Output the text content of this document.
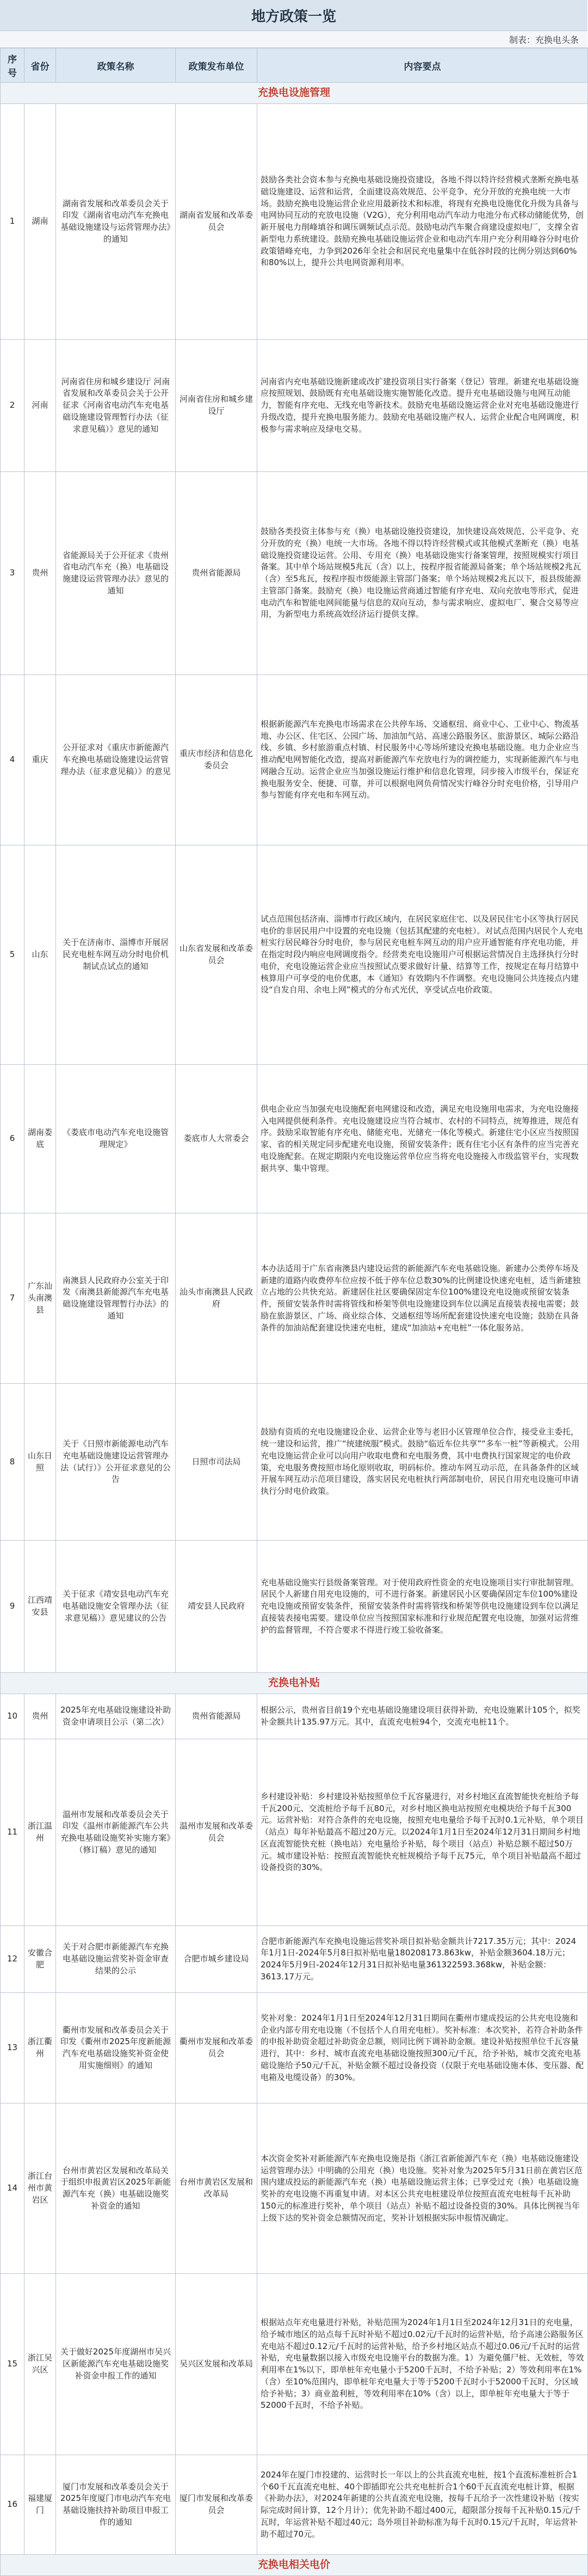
地方政策一览
制表：充换电头条
序号	省份	政策名称	政策发布单位	内容要点
充换电设施管理				
1	湖南	湖南省发展和改革委员会关于印发《湖南省电动汽车充换电基础设施建设与运营管理办法》的通知	湖南省发展和改革委员会	鼓励各类社会资本参与充换电基础设施投资建设，各地不得以特许经营模式垄断充换电基础设施建设、运营和运营，全面建设高效规范、公平竞争、充分开放的充换电统一大市场。鼓励充换电设施运营企业应用最新技术和标准，将现有充换电设施优化升级为具备与电网协同互动的充放电设施（V2G），充分利用电动汽车动力电池分布式移动储能优势，创新开展电力削峰填谷和调压调频试点示范。鼓励电动汽车聚合商建设虚拟电厂，支撑全省新型电力系统建设。鼓励充换电基础设施运营企业和电动汽车用户充分利用峰谷分时电价政策错峰充电，力争到2026年全社会和居民充电量集中在低谷时段的比例分别达到60%和80%以上，提升公共电网资源利用率。
2	河南	河南省住房和城乡建设厅 河南省发展和改革委员会关于公开征求《河南省电动汽车充电基础设施建设管理暂行办法（征求意见稿）》意见的通知	河南省住房和城乡建设厅	河南省内充电基础设施新建或改扩建投资项目实行备案（登记）管理。新建充电基础设施应按照规划、鼓励既有充电基础设施实施智能化改造。提升充电基础设施与电网互动能力，智能有序充电、无线充电等新技术。鼓励充电基础设施运营企业对充电基础设施进行升级改造，提升充换电服务能力。鼓励充电基础设施产权人、运营企业配合电网调度，积极参与需求响应及绿电交易。
3	贵州	省能源局关于公开征求《贵州省电动汽车充（换）电基础设施建设运营管理办法》意见的通知	贵州省能源局	鼓励各类投资主体参与充（换）电基础设施投资建设，加快建设高效规范、公平竞争、充分开放的充（换）电统一大市场。各地不得以特许经营模式或其他模式垄断充（换）电基础设施投资建设运营。公用、专用充（换）电基础设施实行备案管理，按照规模实行项目备案。其中单个场站规模5兆瓦（含）以上，按程序报省能源局备案；单个场站规模2兆瓦（含）至5兆瓦，按程序报市级能源主管部门备案；单个场站规模2兆瓦以下，报县级能源主管部门备案。鼓励充（换）电设施运营商通过智能有序充电、双向充放电等形式，促进电动汽车和智能电网间能量与信息的双向互动，参与需求响应、虚拟电厂、聚合交易等应用，为新型电力系统高效经济运行提供支撑。
4	重庆	公开征求对《重庆市新能源汽车充换电基础设施建设运营管理办法（征求意见稿）》的意见	重庆市经济和信息化委员会	根据新能源汽车充换电市场需求在公共停车场、交通枢纽、商业中心、工业中心、物流基地、办公区、住宅区、公园广场、加油加气站、高速公路服务区、旅游景区、城际公路沿线、乡镇、乡村旅游重点村镇、村民服务中心等场所建设充换电基础设施。电力企业应当推动配电网智能化改造，提高对新能源汽车充放电行为的调控能力，实现新能源汽车与电网融合互动。运营企业应当加强设施运行维护和信息化管理，同步接入市级平台，保证充换电服务安全、便捷、可靠，并可以根据电网负荷情况实行峰谷分时充电价格，引导用户参与智能有序充电和车网互动。
5	山东	关于在济南市、淄博市开展居民充电桩车网互动分时电价机制试点试点的通知	山东省发展和改革委员会	试点范围包括济南、淄博市行政区域内，在居民家庭住宅、以及居民住宅小区等执行居民电价的非居民用户中设置的充电设施（包括其配建的充电桩）。对试点范围内居民个人充电桩实行居民峰谷分时电价，参与居民充电桩车网互动的用户应开通智能有序充电功能，并在指定时段内响应电网调度指令。经营类充电设施用户可根据运营情况自主选择执行分时电价，充电设施运营企业应当按照试点要求做好计量、结算等工作，按规定在每月结算中核算用户可享受的电价优惠，本《通知》有效期内不作调整。充电设施同公共连接点内建设“自发自用、余电上网”模式的分布式光伏，享受试点电价政策。
6	湖南娄底	《娄底市电动汽车充电设施管理规定》	娄底市人大常委会	供电企业应当加强充电设施配套电网建设和改造，满足充电设施用电需求，为充电设施接入电网提供便利条件。充电设施建设应当符合城市、农村的不同特点，统筹推进，规范有序。鼓励采取智能有序充电、储能充电、光储充一体化等模式。新建住宅小区应当按照国家、省的相关规定同步配建充电设施，预留安装条件；既有住宅小区有条件的应当完善充电设施配套。在规定期限内充电设施运营单位应当将充电设施接入市级监管平台，实现数据共享、集中管理。
7	广东汕头南澳县	南澳县人民政府办公室关于印发《南澳县新能源汽车充电基础设施建设管理暂行办法》的通知	汕头市南澳县人民政府	本办法适用于广东省南澳县内建设运营的新能源汽车充电基础设施。新建办公类停车场及新建的道路内收费停车位应按不低于停车位总数30%的比例建设快速充电桩，适当新建独立占地的公共快充站。新建居住社区要确保固定车位100%建设充电设施或预留安装条件，预留安装条件时需将管线和桥架等供电设施建设到车位以满足直接装表接电需要；鼓励在旅游景区、广场、商业综合体、交通枢纽等场所配套建设快速充电设施；鼓励在具备条件的加油站配套建设快速充电桩，建成“加油站+充电桩”一体化服务站。
8	山东日照	关于《日照市新能源电动汽车充电基础设施建设运营管理办法（试行）》公开征求意见的公告	日照市司法局	鼓励有资质的充电设施建设企业、运营企业等与老旧小区管理单位合作，接受业主委托，统一建设和运营，推广“统建统服”模式。鼓励“临近车位共享”“多车一桩”等新模式。公用充电设施运营企业可以向用户收取电费和充电服务费，其中电费执行国家规定的电价政策，充电服务费按照市场化原则收取，明码标价。推动车网互动示范，在具备条件的区域开展车网互动示范项目建设，落实居民充电桩执行两部制电价，居民自用充电设施可申请执行分时电价政策。
9	江西靖安县	关于征求《靖安县电动汽车充电基础设施安全管理办法（征求意见稿）》意见建议的公告	靖安县人民政府	充电基础设施实行县级备案管理。对于使用政府性资金的充电设施项目实行审批制管理。居民个人新建自用充电设施的，可不进行备案。新建居民小区要确保固定车位100%建设充电设施或预留安装条件，预留安装条件时需将管线和桥架等供电设施建设到车位以满足直接装表接电需要。建设单位应当按照国家标准和行业规范配置充电设施，加强对运营维护的监督管理，不符合要求不得进行竣工验收备案。
充换电补贴				
10	贵州	2025年充电基础设施建设补助资金申请项目公示（第二次）	贵州省能源局	根据公示，贵州省目前19个充电基础设施建设项目获得补助，充电设施累计105个，拟奖补金额共计135.97万元。其中，直流充电桩94个，交流充电桩11个。
11	浙江温州	温州市发展和改革委员会关于印发《温州市新能源汽车公共充换电基础设施奖补实施方案》（修订稿）意见的通知	温州市发展和改革委员会	乡村建设补贴：乡村建设补贴按照单位千瓦容量进行，对乡村地区直流智能快充桩给予每千瓦200元、交流桩给予每千瓦80元，对乡村地区换电站按照充电模块给予每千瓦300元。运营补贴：对符合条件的充电设施，按照充电电量给予每千瓦时0.1元补贴，单个项目（站点）每年补贴最高不超过20万元。以2024年1月1日至2024年12月31日期间乡村地区直流智能快充桩（换电站）充电量给予补贴，每个项目（站点）补贴总额不超过50万元。城市建设补贴：按照直流智能快充桩规模给予每千瓦75元，单个项目补贴最高不超过设备投资的30%。
12	安徽合肥	关于对合肥市新能源汽车充换电基础设施运营奖补资金审查结果的公示	合肥市城乡建设局	合肥市新能源汽车充换电设施运营奖补项目拟补贴金额共计7217.35万元；其中：2024年1月1日-2024年5月8日拟补贴电量180208173.863kw，补贴金额3604.18万元；2024年5月9日-2024年12月31日拟补贴电量361322593.368kw，补贴金额：3613.17万元。
13	浙江衢州	衢州市发展和改革委员会关于印发《衢州市2025年度新能源汽车充电基础设施奖补资金使用实施细则》的通知	衢州市发展和改革委员会	奖补对象：2024年1月1日至2024年12月31日期间在衢州市建成投运的公共充电设施和企业内部专用充电设施（不包括个人自用充电桩）。奖补标准：本次奖补，若符合补助条件的申报补助资金超过补助资金总额，则同比例下调补助金额。建设补贴按照单位千瓦容量进行，其中：乡村、城市直流充电基础设施按照300元/千瓦，给予补贴，城市交流充电基础设施给予50元/千瓦，补贴金额不超过设备投资（仅限于充电基础设施本体、变压器、配电箱及电缆设备）的30%。
14	浙江台州市黄岩区	台州市黄岩区发展和改革局关于组织申报黄岩区2025年新能源汽车充（换）电基础设施奖补资金的通知	台州市黄岩区发展和改革局	本次资金奖补对新能源汽车充换电设施是指《浙江省新能源汽车充（换）电基础设施建设运营管理办法》中明确的公用充（换）电设施。奖补对象为2025年5月31日前在黄岩区范围内建成投运的新能源汽车充（换）电基础设施运营主体；已享受过充（换）电基础设施奖补的充电设施不再重复申请。对本区公共充电桩建设单位按照直流充电桩每千瓦补助150元的标准进行奖补，单个项目（站点）补贴不超过设备投资的30%。具体比例视当年上级下达的奖补资金总额情况而定，奖补计划根据实际申报情况确定。
15	浙江吴兴区	关于做好2025年度湖州市吴兴区新能源汽车充电基础设施奖补资金申报工作的通知	吴兴区发展和改革局	根据站点年充电量进行补贴，补贴范围为2024年1月1日至2024年12月31日的充电量，给予城市地区的站点每千瓦时补贴不超过0.02元/千瓦时的运营补贴，给予高速公路服务区充电站不超过0.12元/千瓦时的运营补贴，给予乡村地区站点不超过0.06元/千瓦时的运营补贴，充电量数据以接入市级充电设施平台的数据为准。1）为避免僵尸桩、无效桩，等效利用率在1%以下，即单桩年充电量小于5200千瓦时，不给予补贴；2）等效利用率在1%（含）至10%范围内，即单桩年充电量大于等于5200千瓦时小于52000千瓦时，分区域给予补贴；3）商业盈利桩，等效利用率在10%（含）以上，即单桩年充电量大于等于52000千瓦时，不给予补贴。
16	福建厦门	厦门市发展和改革委员会关于2025年度厦门市电动汽车充电基础设施扶持补助项目申报工作的通知	厦门市发展和改革委员会	2024年在厦门市投建的、运营时长一年以上的公共直流充电桩，按1个直流标准桩折合1个60千瓦直流充电桩、40个即插即充公共充电桩折合1个60千瓦直流充电桩计算，根据《补助办法》，对2024年新建的公共直流充电设施，按每千瓦给予一次性建设补贴（按实际完成时间计算，12个月计）；优先补助不超过400元，超限部分按每千瓦补贴0.15元/千瓦时，年运营补贴不超过40元；岛外项目补助标准为每千瓦时0.15元/千瓦时，年运营补助不超过70元。
充换电相关电价				
